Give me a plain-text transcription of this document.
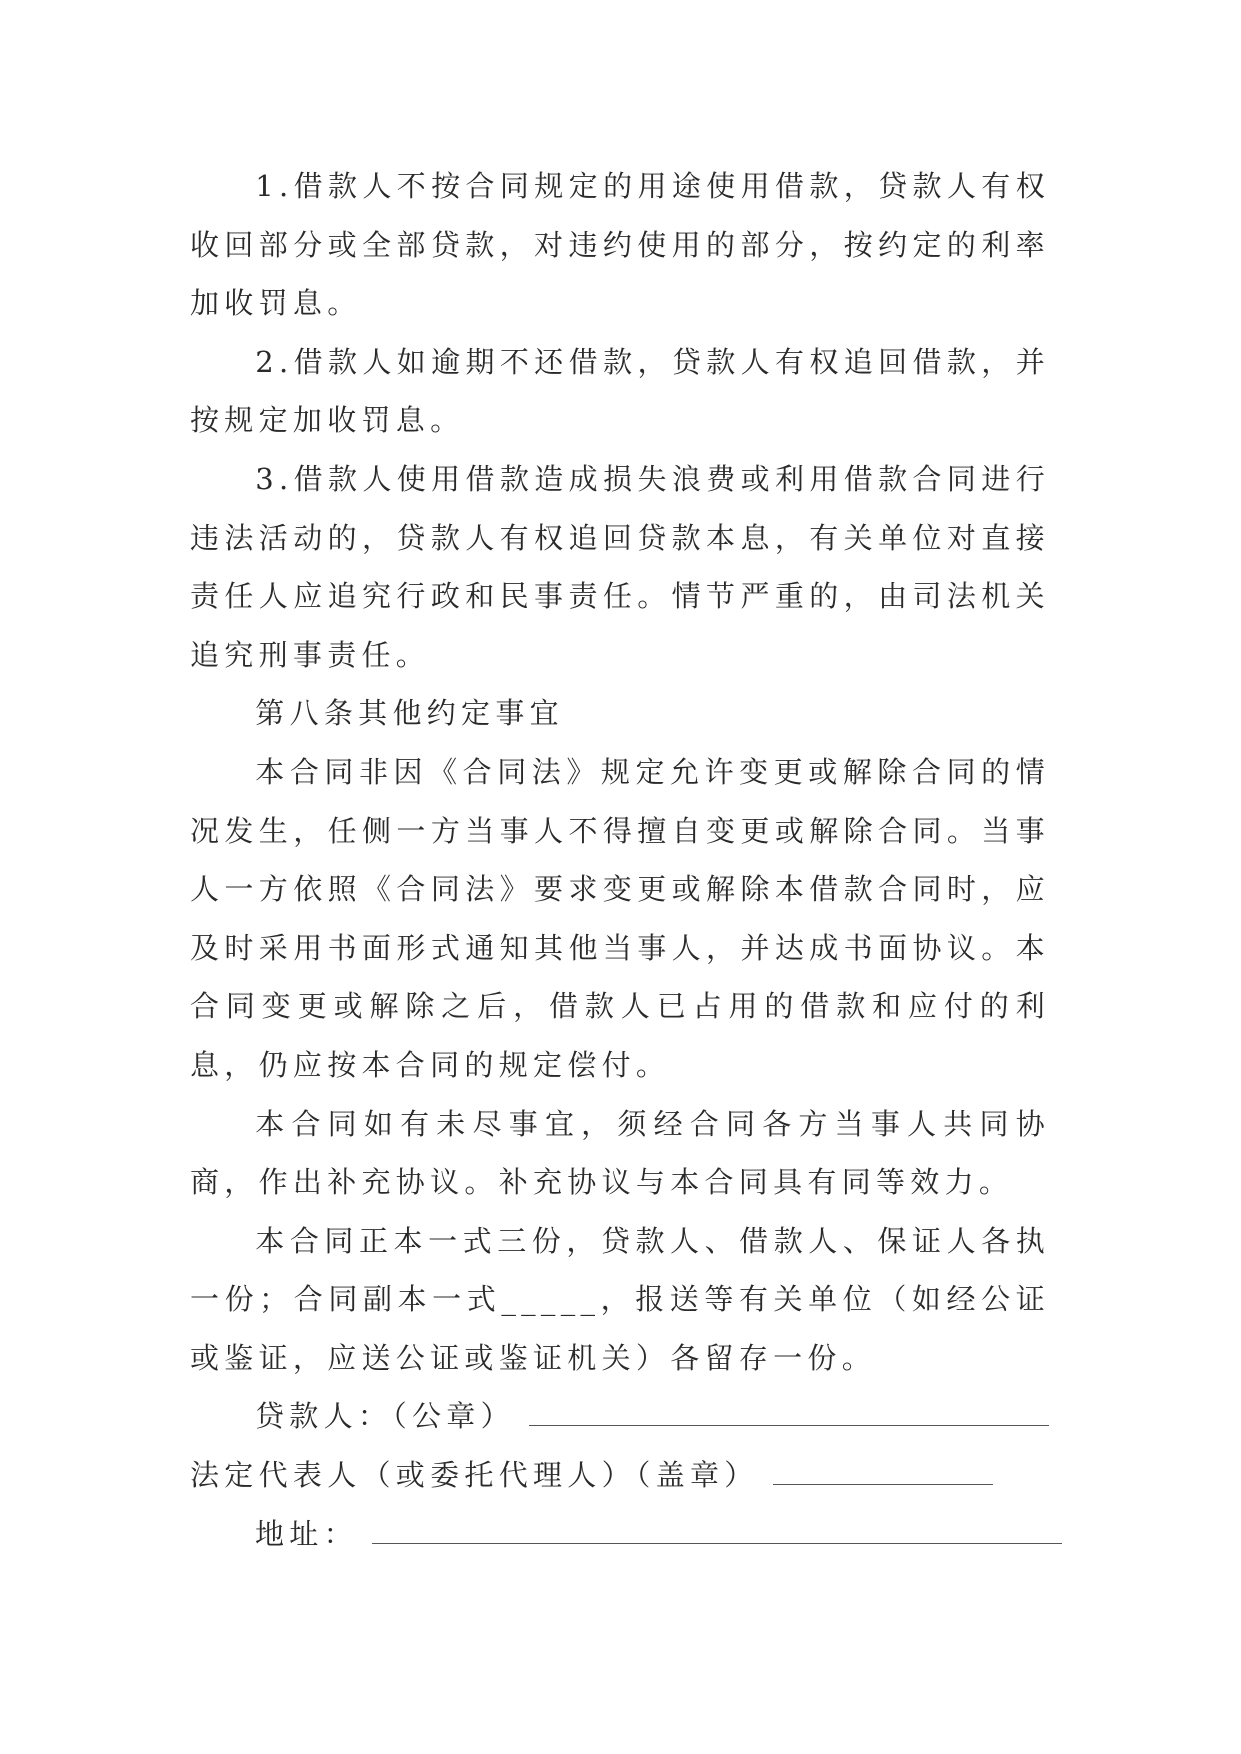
1.借款人不按合同规定的用途使用借款，贷款人有权收回部分或全部贷款，对违约使用的部分，按约定的利率加收罚息。

2.借款人如逾期不还借款，贷款人有权追回借款，并按规定加收罚息。

3.借款人使用借款造成损失浪费或利用借款合同进行违法活动的，贷款人有权追回贷款本息，有关单位对直接责任人应追究行政和民事责任。情节严重的，由司法机关追究刑事责任。

第八条其他约定事宜

本合同非因《合同法》规定允许变更或解除合同的情况发生，任侧一方当事人不得擅自变更或解除合同。当事人一方依照《合同法》要求变更或解除本借款合同时，应及时采用书面形式通知其他当事人，并达成书面协议。本合同变更或解除之后，借款人已占用的借款和应付的利息，仍应按本合同的规定偿付。

本合同如有未尽事宜，须经合同各方当事人共同协商，作出补充协议。补充协议与本合同具有同等效力。

本合同正本一式三份，贷款人、借款人、保证人各执一份；合同副本一式_____，报送等有关单位（如经公证或鉴证，应送公证或鉴证机关）各留存一份。

贷款人：（公章）
法定代表人（或委托代理人）（盖章）
地址：
